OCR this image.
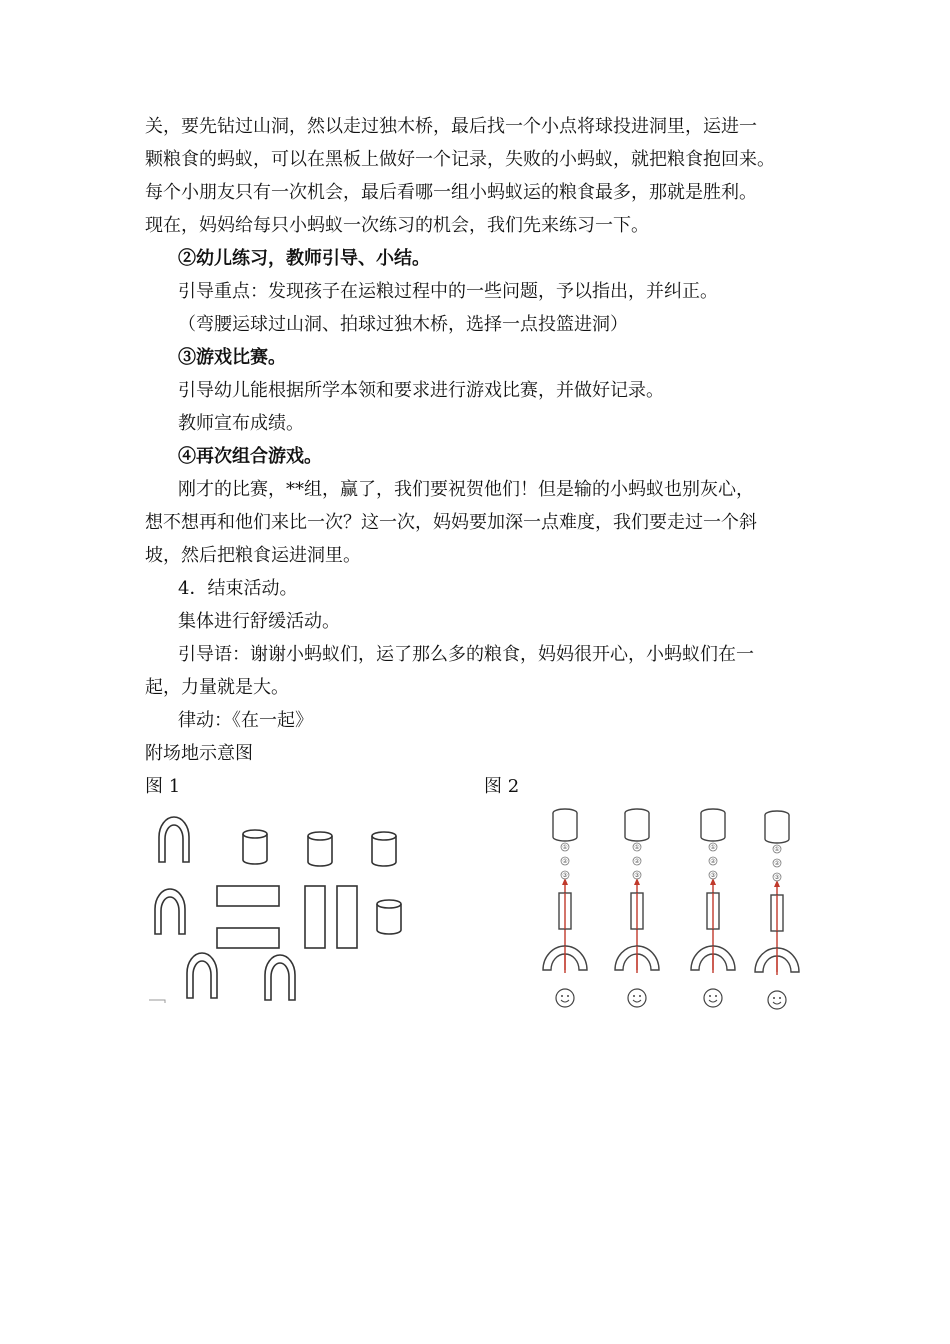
关，要先钻过山洞，然以走过独木桥，最后找一个小点将球投进洞里，运进一
颗粮食的蚂蚁，可以在黑板上做好一个记录，失败的小蚂蚁，就把粮食抱回来。
每个小朋友只有一次机会，最后看哪一组小蚂蚁运的粮食最多，那就是胜利。
现在，妈妈给每只小蚂蚁一次练习的机会，我们先来练习一下。
②幼儿练习，教师引导、小结。
引导重点：发现孩子在运粮过程中的一些问题，予以指出，并纠正。
（弯腰运球过山洞、拍球过独木桥，选择一点投篮进洞）
③游戏比赛。
引导幼儿能根据所学本领和要求进行游戏比赛，并做好记录。
教师宣布成绩。
④再次组合游戏。
刚才的比赛，**组，赢了，我们要祝贺他们！但是输的小蚂蚁也别灰心，
想不想再和他们来比一次？这一次，妈妈要加深一点难度，我们要走过一个斜
坡，然后把粮食运进洞里。
4．结束活动。
集体进行舒缓活动。
引导语：谢谢小蚂蚁们，运了那么多的粮食，妈妈很开心，小蚂蚁们在一
起，力量就是大。
律动：《在一起》
附场地示意图
图 1	图 2
①
②
③
①
②
③
①
②
③
①
②
③
